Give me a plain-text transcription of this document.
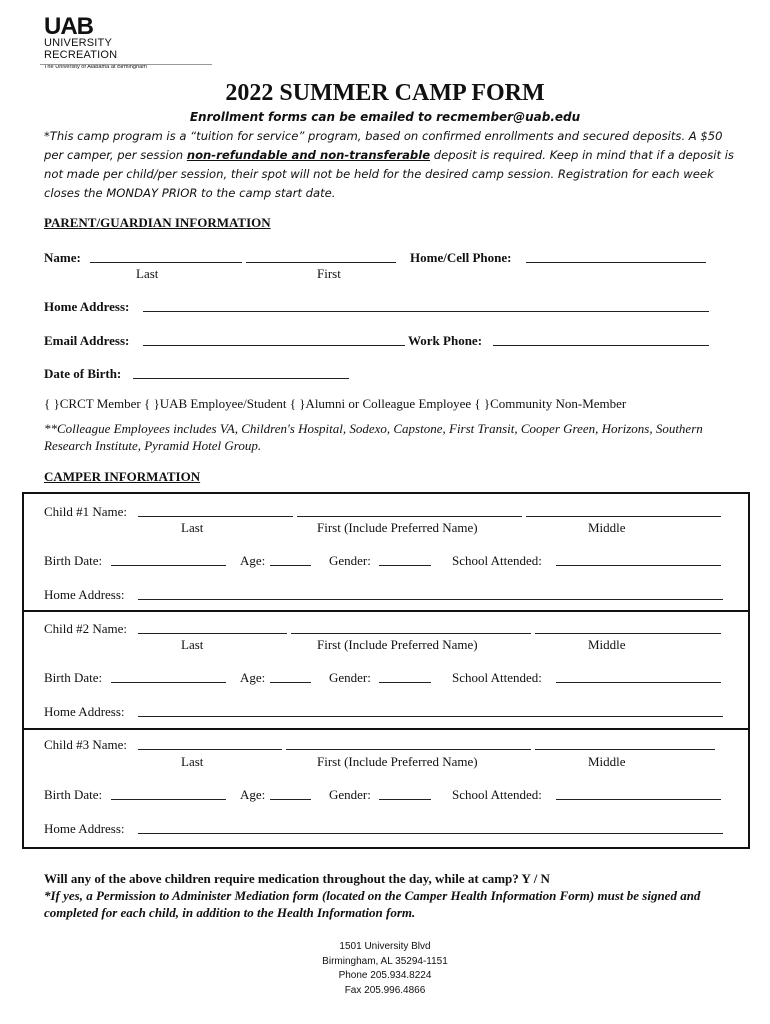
UAB
UNIVERSITY
RECREATION
The University of Alabama at Birmingham
2022 SUMMER CAMP FORM
Enrollment forms can be emailed to recmember@uab.edu
*This camp program is a “tuition for service” program, based on confirmed enrollments and secured deposits. A $50 per camper, per session non-refundable and non-transferable deposit is required. Keep in mind that if a deposit is not made per child/per session, their spot will not be held for the desired camp session. Registration for each week closes the MONDAY PRIOR to the camp start date.
PARENT/GUARDIAN INFORMATION
Name:	Home/Cell Phone:
Last	First
Home Address:
Email Address:	Work Phone:
Date of Birth:
{ }CRCT Member { }UAB Employee/Student { }Alumni or Colleague Employee { }Community Non-Member
**Colleague Employees includes VA, Children's Hospital, Sodexo, Capstone, First Transit, Cooper Green, Horizons, Southern Research Institute, Pyramid Hotel Group.
CAMPER INFORMATION
Child #1 Name:
Last	First (Include Preferred Name)	Middle
Birth Date:	Age:	Gender:	School Attended:
Home Address:
Child #2 Name:
Last	First (Include Preferred Name)	Middle
Birth Date:	Age:	Gender:	School Attended:
Home Address:
Child #3 Name:
Last	First (Include Preferred Name)	Middle
Birth Date:	Age:	Gender:	School Attended:
Home Address:
Will any of the above children require medication throughout the day, while at camp? Y / N
*If yes, a Permission to Administer Mediation form (located on the Camper Health Information Form) must be signed and completed for each child, in addition to the Health Information form.
1501 University Blvd
Birmingham, AL 35294-1151
Phone 205.934.8224
Fax 205.996.4866
